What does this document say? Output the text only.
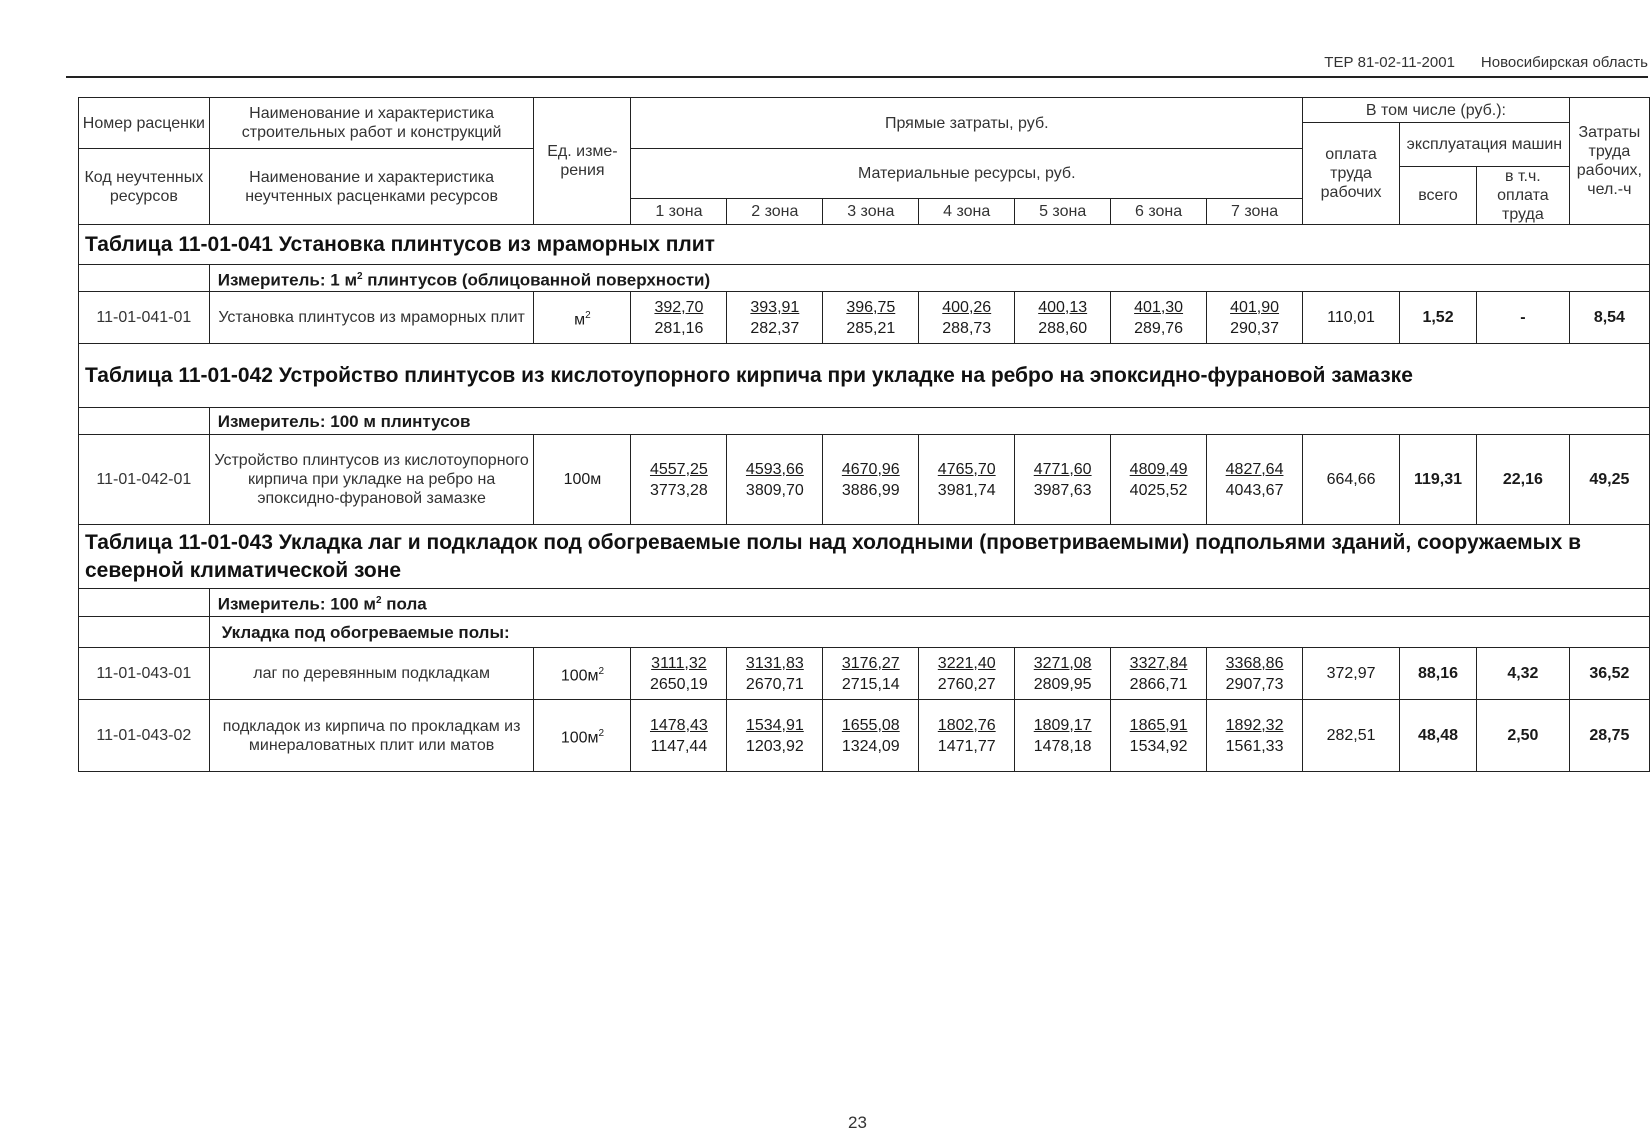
ТЕР 81-02-11-2001 Новосибирская область
Номер расценки	Наименование и характеристика строительных работ и конструкций	Ед. изме-рения	Прямые затраты, руб.							В том числе (руб.):			Затраты труда рабочих, чел.-ч
										оплата труда рабочих	эксплуатация машин		
Код неучтенных ресурсов	Наименование и характеристика неучтенных расценками ресурсов		Материальные ресурсы, руб.										
											всего	в т.ч. оплата труда	
			1 зона	2 зона	3 зона	4 зона	5 зона	6 зона	7 зона				
Таблица 11-01-041 Установка плинтусов из мраморных плит													
	Измеритель: 1 $м^2$ плинтусов (облицованной поверхности)												
11-01-041-01	Установка плинтусов из мраморных плит	$м^2$	$\frac{392,70}{281,16}$	$\frac{393,91}{282,37}$	$\frac{396,75}{285,21}$	$\frac{400,26}{288,73}$	$\frac{400,13}{288,60}$	$\frac{401,30}{289,76}$	$\frac{401,90}{290,37}$	110,01	1,52	-	8,54
Таблица 11-01-042 Устройство плинтусов из кислотоупорного кирпича при укладке на ребро на эпоксидно-фурановой замазке													
	Измеритель: 100 м плинтусов												
11-01-042-01	Устройство плинтусов из кислотоупорного кирпича при укладке на ребро на эпоксидно-фурановой замазке	100м	$\frac{4557,25}{3773,28}$	$\frac{4593,66}{3809,70}$	$\frac{4670,96}{3886,99}$	$\frac{4765,70}{3981,74}$	$\frac{4771,60}{3987,63}$	$\frac{4809,49}{4025,52}$	$\frac{4827,64}{4043,67}$	664,66	119,31	22,16	49,25
Таблица 11-01-043 Укладка лаг и подкладок под обогреваемые полы над холодными (проветриваемыми) подпольями зданий, сооружаемых в северной климатической зоне													
	Измеритель: 100 $м^2$ пола												
	Укладка под обогреваемые полы:												
11-01-043-01	лаг по деревянным подкладкам	$100м^2$	$\frac{3111,32}{2650,19}$	$\frac{3131,83}{2670,71}$	$\frac{3176,27}{2715,14}$	$\frac{3221,40}{2760,27}$	$\frac{3271,08}{2809,95}$	$\frac{3327,84}{2866,71}$	$\frac{3368,86}{2907,73}$	372,97	88,16	4,32	36,52
11-01-043-02	подкладок из кирпича по прокладкам из минераловатных плит или матов	$100м^2$	$\frac{1478,43}{1147,44}$	$\frac{1534,91}{1203,92}$	$\frac{1655,08}{1324,09}$	$\frac{1802,76}{1471,77}$	$\frac{1809,17}{1478,18}$	$\frac{1865,91}{1534,92}$	$\frac{1892,32}{1561,33}$	282,51	48,48	2,50	28,75
23
